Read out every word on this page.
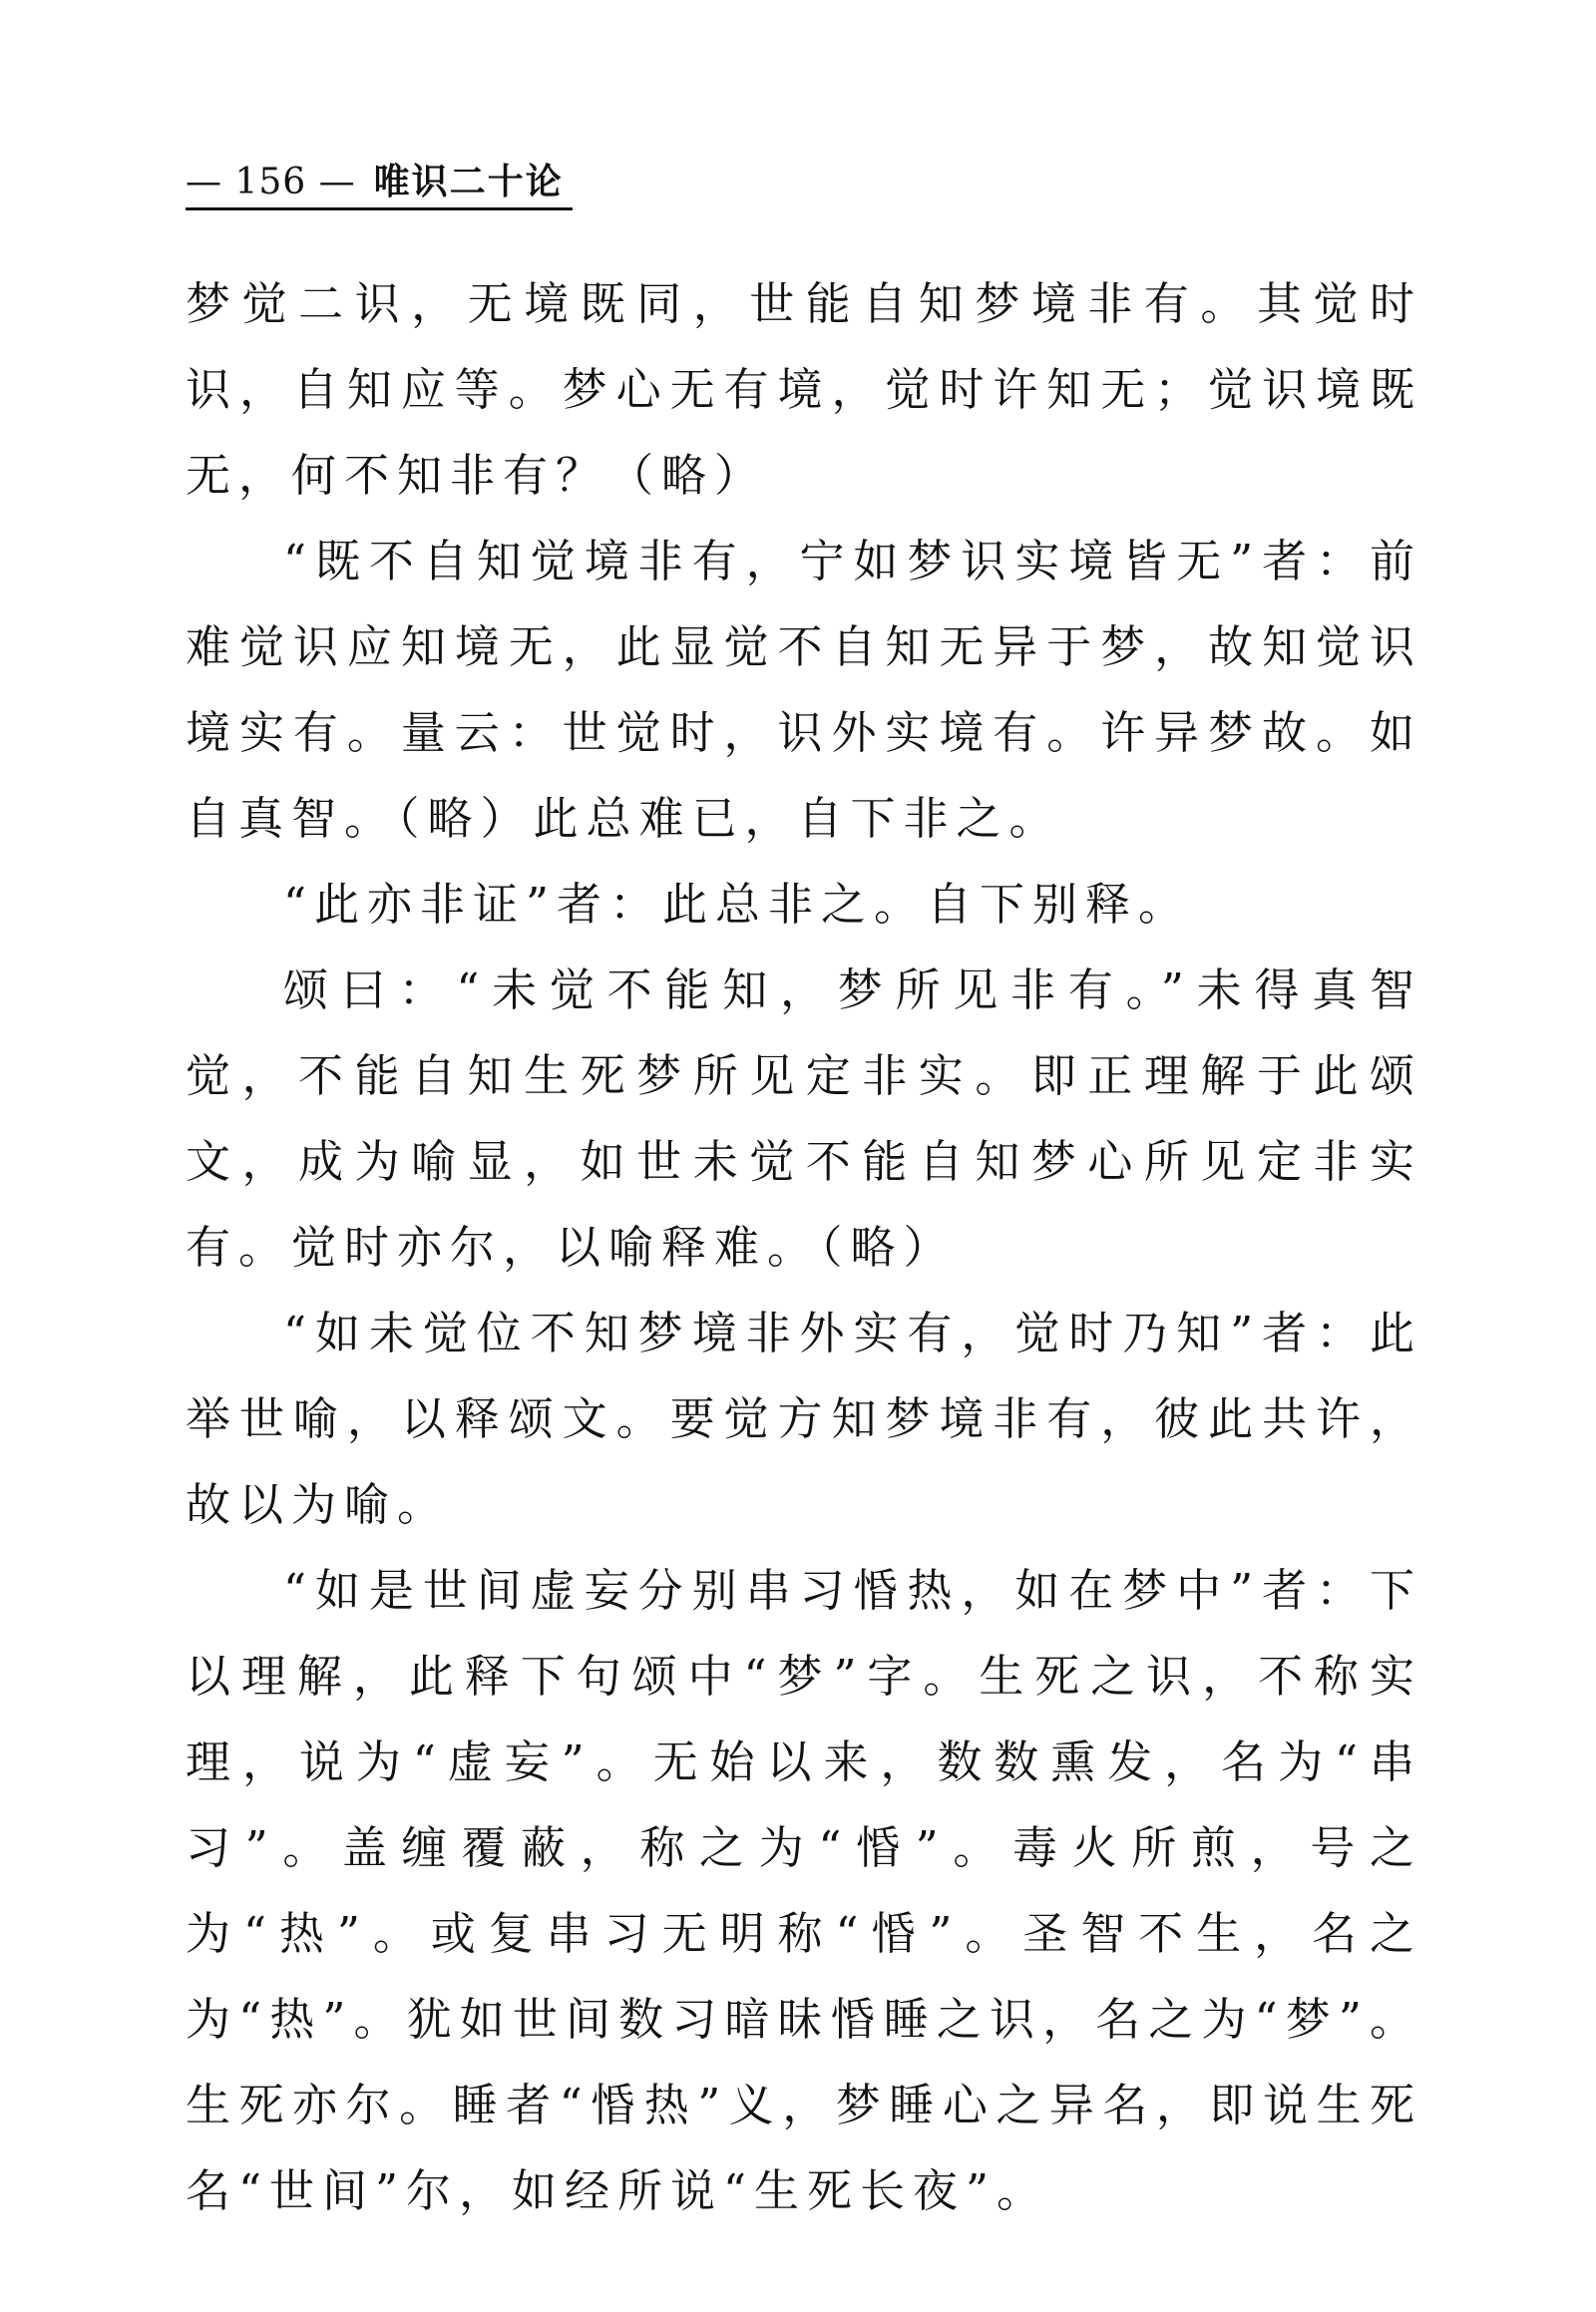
— 156 — 唯识二十论

梦觉二识，无境既同，世能自知梦境非有。其觉时识，自知应等。梦心无有境，觉时许知无；觉识境既无，何不知非有？（略）

“既不自知觉境非有，宁如梦识实境皆无”者：前难觉识应知境无，此显觉不自知无异于梦，故知觉识境实有。量云：世觉时，识外实境有。许异梦故。如自真智。（略）此总难已，自下非之。

“此亦非证”者：此总非之。自下别释。

颂曰：“未觉不能知，梦所见非有。”未得真智觉，不能自知生死梦所见定非实。即正理解于此颂文，成为喻显，如世未觉不能自知梦心所见定非实有。觉时亦尔，以喻释难。（略）

“如未觉位不知梦境非外实有，觉时乃知”者：此举世喻，以释颂文。要觉方知梦境非有，彼此共许，故以为喻。

“如是世间虚妄分别串习惛热，如在梦中”者：下以理解，此释下句颂中“梦”字。生死之识，不称实理，说为“虚妄”。无始以来，数数熏发，名为“串习”。盖缠覆蔽，称之为“惛”。毒火所煎，号之为“热”。或复串习无明称“惛”。圣智不生，名之为“热”。犹如世间数习暗昧惛睡之识，名之为“梦”。生死亦尔。睡者“惛热”义，梦睡心之异名，即说生死名“世间”尔，如经所说“生死长夜”。
